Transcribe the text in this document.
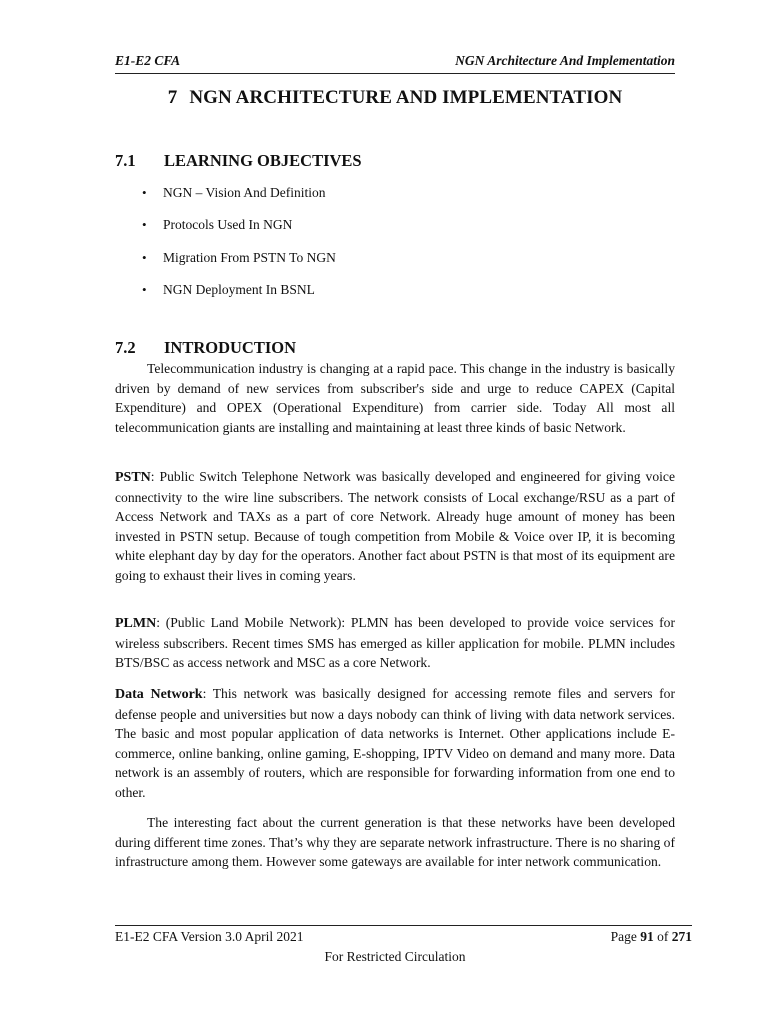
E1-E2 CFA	NGN Architecture And Implementation
7 NGN ARCHITECTURE AND IMPLEMENTATION
7.1 LEARNING OBJECTIVES
• NGN – Vision And Definition
• Protocols Used In NGN
• Migration From PSTN To NGN
• NGN Deployment In BSNL
7.2 INTRODUCTION

Telecommunication industry is changing at a rapid pace. This change in the industry is basically driven by demand of new services from subscriber's side and urge to reduce CAPEX (Capital Expenditure) and OPEX (Operational Expenditure) from carrier side. Today All most all telecommunication giants are installing and maintaining at least three kinds of basic Network.

PSTN: Public Switch Telephone Network was basically developed and engineered for giving voice connectivity to the wire line subscribers. The network consists of Local exchange/RSU as a part of Access Network and TAXs as a part of core Network. Already huge amount of money has been invested in PSTN setup. Because of tough competition from Mobile & Voice over IP, it is becoming white elephant day by day for the operators. Another fact about PSTN is that most of its equipment are going to exhaust their lives in coming years.

PLMN: (Public Land Mobile Network): PLMN has been developed to provide voice services for wireless subscribers. Recent times SMS has emerged as killer application for mobile. PLMN includes BTS/BSC as access network and MSC as a core Network.

Data Network: This network was basically designed for accessing remote files and servers for defense people and universities but now a days nobody can think of living with data network services. The basic and most popular application of data networks is Internet. Other applications include E-commerce, online banking, online gaming, E-shopping, IPTV Video on demand and many more. Data network is an assembly of routers, which are responsible for forwarding information from one end to other.

The interesting fact about the current generation is that these networks have been developed during different time zones. That’s why they are separate network infrastructure. There is no sharing of infrastructure among them. However some gateways are available for inter network communication.

E1-E2 CFA Version 3.0 April 2021	Page 91 of 271
For Restricted Circulation
